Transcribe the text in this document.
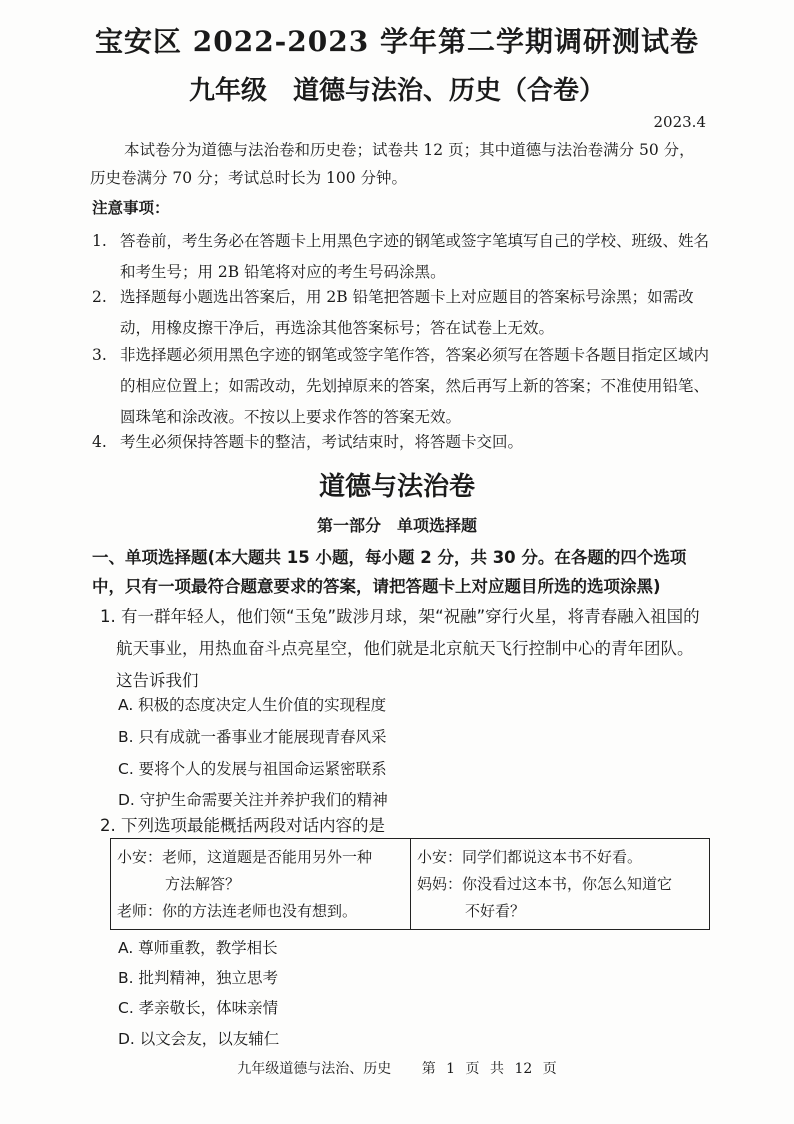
宝安区 2022-2023 学年第二学期调研测试卷
九年级　道德与法治、历史（合卷）
2023.4
本试卷分为道德与法治卷和历史卷；试卷共 12 页；其中道德与法治卷满分 50 分，历史卷满分 70 分；考试总时长为 100 分钟。
注意事项：
1. 答卷前，考生务必在答题卡上用黑色字迹的钢笔或签字笔填写自己的学校、班级、姓名和考生号；用 2B 铅笔将对应的考生号码涂黑。
2. 选择题每小题选出答案后，用 2B 铅笔把答题卡上对应题目的答案标号涂黑；如需改动，用橡皮擦干净后，再选涂其他答案标号；答在试卷上无效。
3. 非选择题必须用黑色字迹的钢笔或签字笔作答，答案必须写在答题卡各题目指定区域内的相应位置上；如需改动，先划掉原来的答案，然后再写上新的答案；不准使用铅笔、圆珠笔和涂改液。不按以上要求作答的答案无效。
4. 考生必须保持答题卡的整洁，考试结束时，将答题卡交回。
道德与法治卷
第一部分　单项选择题
一、单项选择题(本大题共 15 小题，每小题 2 分，共 30 分。在各题的四个选项中，只有一项最符合题意要求的答案，请把答题卡上对应题目所选的选项涂黑)
1. 有一群年轻人，他们领“玉兔”跋涉月球，架“祝融”穿行火星，将青春融入祖国的航天事业，用热血奋斗点亮星空，他们就是北京航天飞行控制中心的青年团队。
这告诉我们
A. 积极的态度决定人生价值的实现程度
B. 只有成就一番事业才能展现青春风采
C. 要将个人的发展与祖国命运紧密联系
D. 守护生命需要关注并养护我们的精神
2. 下列选项最能概括两段对话内容的是
小安： 老师，这道题是否能用另外一种
方法解答？
老师： 你的方法连老师也没有想到。
小安： 同学们都说这本书不好看。
妈妈： 你没看过这本书，你怎么知道它
不好看？
A. 尊师重教，教学相长
B. 批判精神，独立思考
C. 孝亲敬长，体味亲情
D. 以文会友，以友辅仁
九年级道德与法治、历史 第 1 页 共 12 页
